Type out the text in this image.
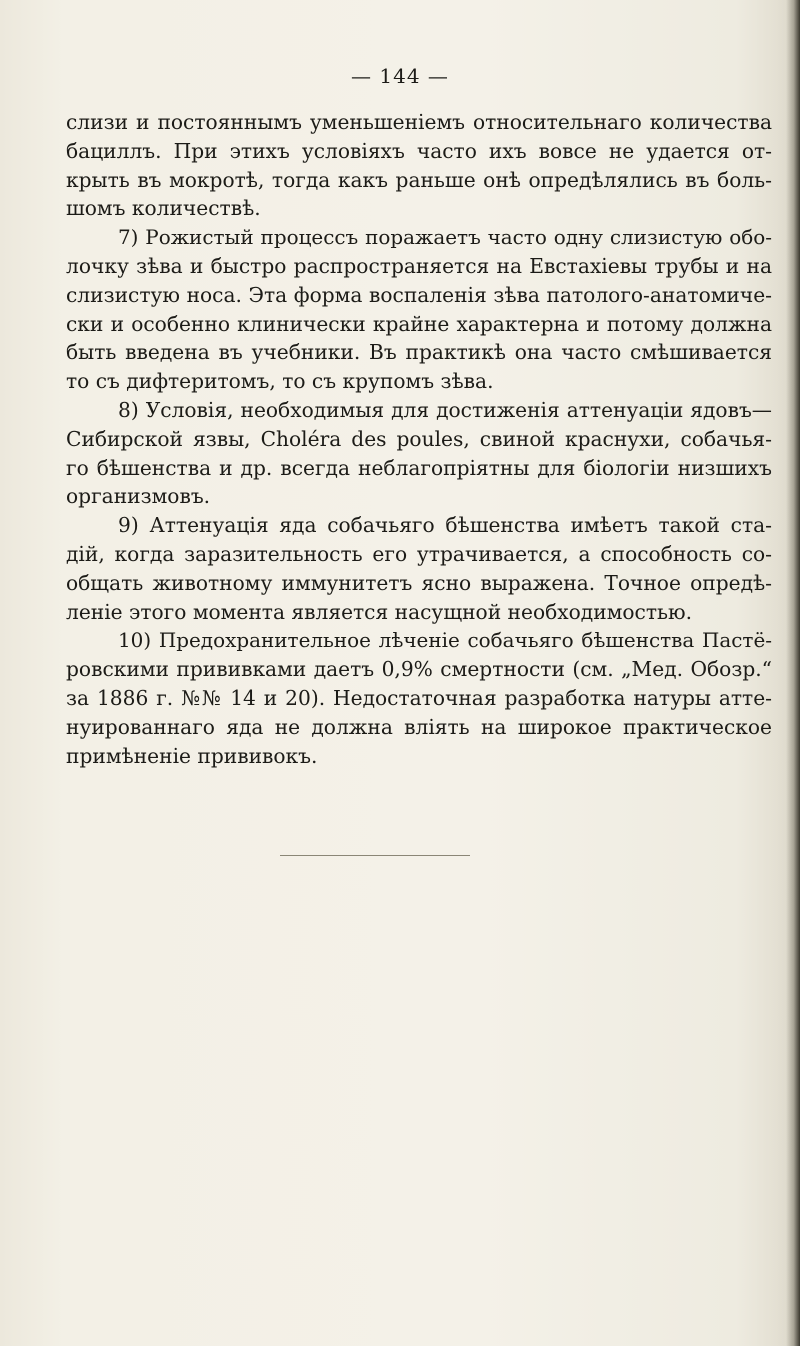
— 144 —
слизи и постояннымъ уменьшеніемъ относительнаго количества
бациллъ. При этихъ условіяхъ часто ихъ вовсе не удается от-
крыть въ мокротѣ, тогда какъ раньше онѣ опредѣлялись въ боль-
шомъ количествѣ.
7) Рожистый процессъ поражаетъ часто одну слизистую обо-
лочку зѣва и быстро распространяется на Евстахіевы трубы и на
слизистую носа. Эта форма воспаленія зѣва патолого-анатомиче-
ски и особенно клинически крайне характерна и потому должна
быть введена въ учебники. Въ практикѣ она часто смѣшивается
то съ дифтеритомъ, то съ крупомъ зѣва.
8) Условія, необходимыя для достиженія аттенуаціи ядовъ—
Сибирской язвы, Cholе́ra des poules, свиной краснухи, собачья-
го бѣшенства и др. всегда неблагопріятны для біологіи низшихъ
организмовъ.
9) Аттенуація яда собачьяго бѣшенства имѣетъ такой ста-
дій, когда заразительность его утрачивается, а способность со-
общать животному иммунитетъ ясно выражена. Точное опредѣ-
леніе этого момента является насущной необходимостью.
10) Предохранительное лѣченіе собачьяго бѣшенства Пастё-
ровскими прививками даетъ 0,9% смертности (см. „Мед. Обозр.“
за 1886 г. №№ 14 и 20). Недостаточная разработка натуры атте-
нуированнаго яда не должна вліять на широкое практическое
примѣненіе прививокъ.
